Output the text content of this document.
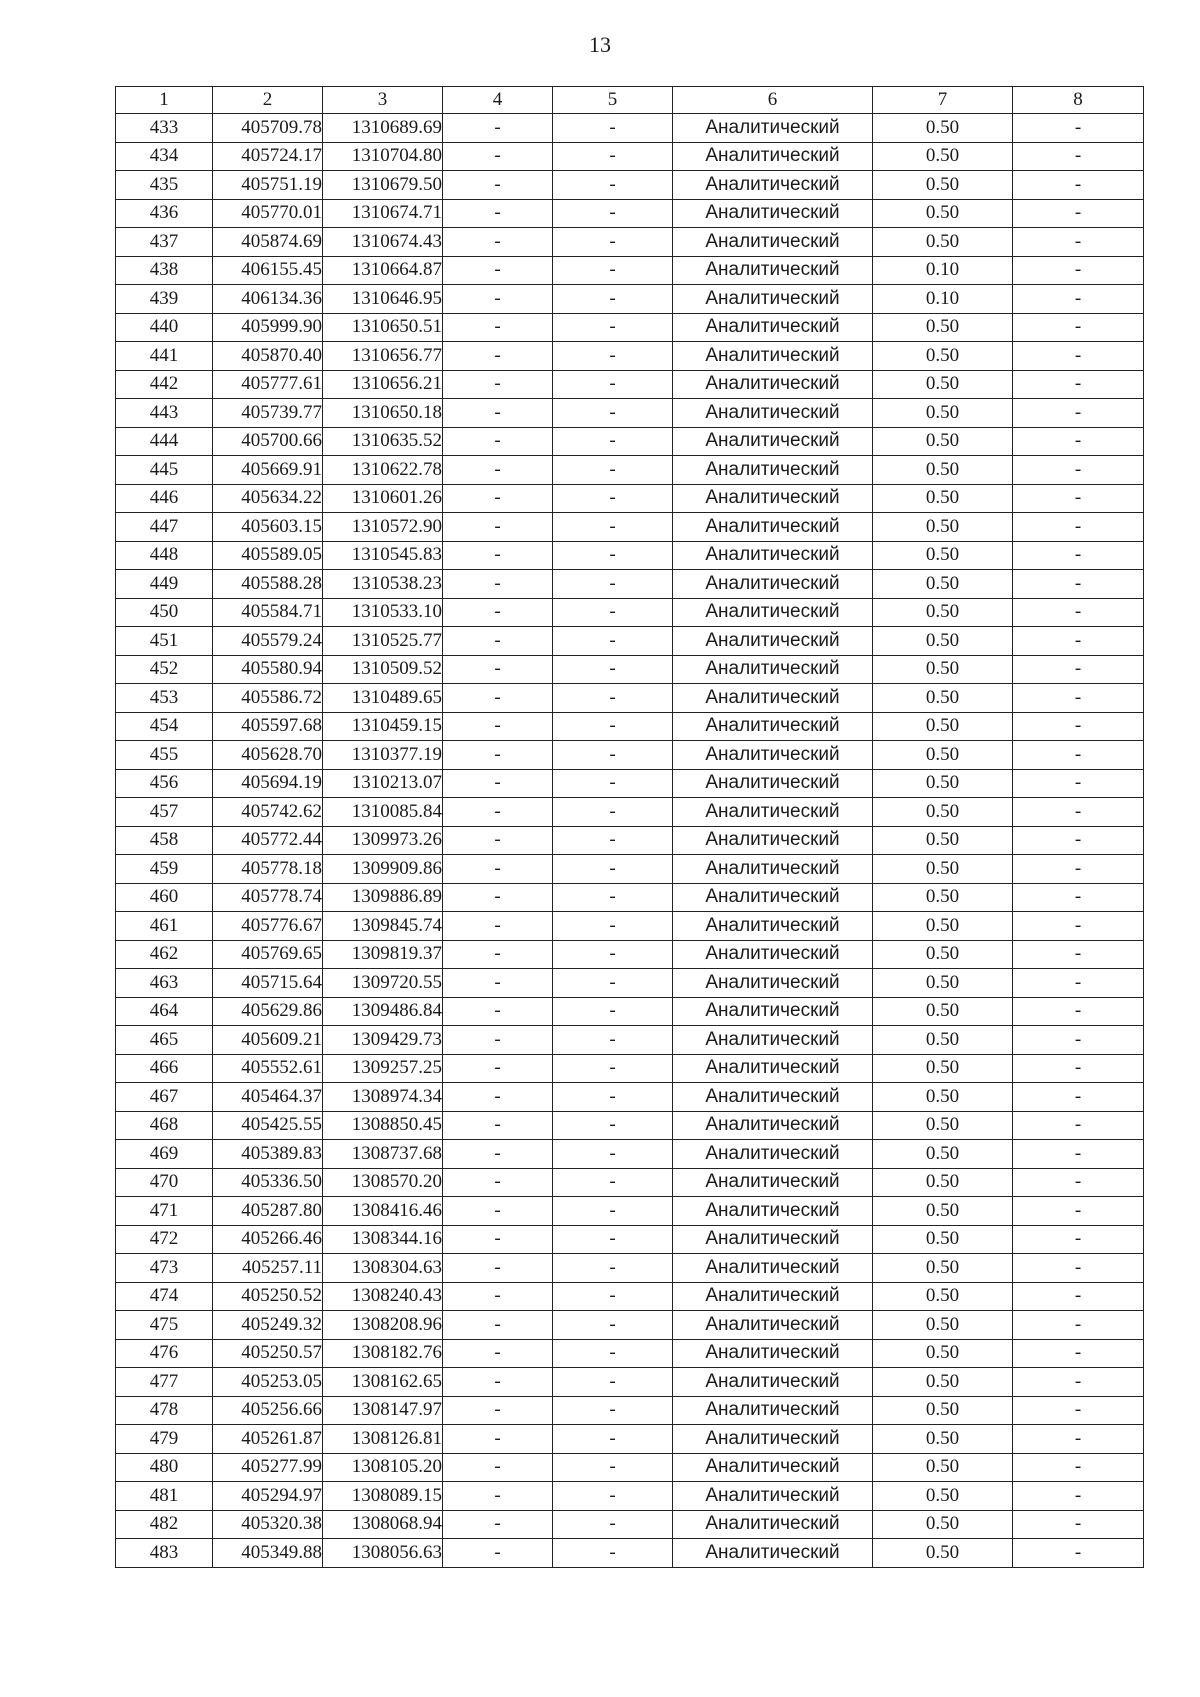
13
1	2	3	4	5	6	7	8
433	405709.78	1310689.69	-	-	Аналитический	0.50	-
434	405724.17	1310704.80	-	-	Аналитический	0.50	-
435	405751.19	1310679.50	-	-	Аналитический	0.50	-
436	405770.01	1310674.71	-	-	Аналитический	0.50	-
437	405874.69	1310674.43	-	-	Аналитический	0.50	-
438	406155.45	1310664.87	-	-	Аналитический	0.10	-
439	406134.36	1310646.95	-	-	Аналитический	0.10	-
440	405999.90	1310650.51	-	-	Аналитический	0.50	-
441	405870.40	1310656.77	-	-	Аналитический	0.50	-
442	405777.61	1310656.21	-	-	Аналитический	0.50	-
443	405739.77	1310650.18	-	-	Аналитический	0.50	-
444	405700.66	1310635.52	-	-	Аналитический	0.50	-
445	405669.91	1310622.78	-	-	Аналитический	0.50	-
446	405634.22	1310601.26	-	-	Аналитический	0.50	-
447	405603.15	1310572.90	-	-	Аналитический	0.50	-
448	405589.05	1310545.83	-	-	Аналитический	0.50	-
449	405588.28	1310538.23	-	-	Аналитический	0.50	-
450	405584.71	1310533.10	-	-	Аналитический	0.50	-
451	405579.24	1310525.77	-	-	Аналитический	0.50	-
452	405580.94	1310509.52	-	-	Аналитический	0.50	-
453	405586.72	1310489.65	-	-	Аналитический	0.50	-
454	405597.68	1310459.15	-	-	Аналитический	0.50	-
455	405628.70	1310377.19	-	-	Аналитический	0.50	-
456	405694.19	1310213.07	-	-	Аналитический	0.50	-
457	405742.62	1310085.84	-	-	Аналитический	0.50	-
458	405772.44	1309973.26	-	-	Аналитический	0.50	-
459	405778.18	1309909.86	-	-	Аналитический	0.50	-
460	405778.74	1309886.89	-	-	Аналитический	0.50	-
461	405776.67	1309845.74	-	-	Аналитический	0.50	-
462	405769.65	1309819.37	-	-	Аналитический	0.50	-
463	405715.64	1309720.55	-	-	Аналитический	0.50	-
464	405629.86	1309486.84	-	-	Аналитический	0.50	-
465	405609.21	1309429.73	-	-	Аналитический	0.50	-
466	405552.61	1309257.25	-	-	Аналитический	0.50	-
467	405464.37	1308974.34	-	-	Аналитический	0.50	-
468	405425.55	1308850.45	-	-	Аналитический	0.50	-
469	405389.83	1308737.68	-	-	Аналитический	0.50	-
470	405336.50	1308570.20	-	-	Аналитический	0.50	-
471	405287.80	1308416.46	-	-	Аналитический	0.50	-
472	405266.46	1308344.16	-	-	Аналитический	0.50	-
473	405257.11	1308304.63	-	-	Аналитический	0.50	-
474	405250.52	1308240.43	-	-	Аналитический	0.50	-
475	405249.32	1308208.96	-	-	Аналитический	0.50	-
476	405250.57	1308182.76	-	-	Аналитический	0.50	-
477	405253.05	1308162.65	-	-	Аналитический	0.50	-
478	405256.66	1308147.97	-	-	Аналитический	0.50	-
479	405261.87	1308126.81	-	-	Аналитический	0.50	-
480	405277.99	1308105.20	-	-	Аналитический	0.50	-
481	405294.97	1308089.15	-	-	Аналитический	0.50	-
482	405320.38	1308068.94	-	-	Аналитический	0.50	-
483	405349.88	1308056.63	-	-	Аналитический	0.50	-
